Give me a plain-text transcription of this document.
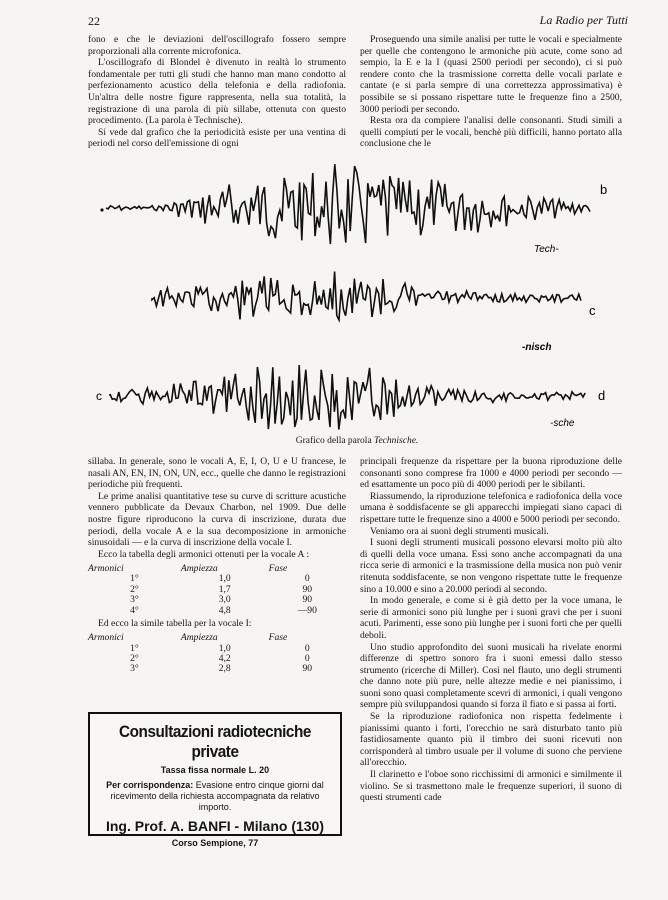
22	La Radio per Tutti

fono e che le deviazioni dell'oscillografo fossero sempre proporzionali alla corrente microfonica.

L'oscillografo di Blondel è divenuto in realtà lo strumento fondamentale per tutti gli studi che hanno man mano condotto al perfezionamento acustico della telefonia e della radiofonia. Un'altra delle nostre figure rappresenta, nella sua totalità, la registrazione di una parola di più sillabe, ottenuta con questo procedimento. (La parola è Technische).

Si vede dal grafico che la periodicità esiste per una ventina di periodi nel corso dell'emissione di ogni

Proseguendo una simile analisi per tutte le vocali e specialmente per quelle che contengono le armoniche più acute, come sono ad sempio, la E e la I (quasi 2500 periodi per secondo), ci si può rendere conto che la trasmissione corretta delle vocali parlate e cantate (e si parla sempre di una correttezza approssimativa) è possibile se si possano rispettare tutte le frequenze fino a 2500, 3000 periodi per secondo.

Resta ora da compiere l'analisi delle consonanti. Studi simili a quelli compiuti per le vocali, benchè più difficili, hanno portato alla conclusione che le

b
Tech-
c
-nisch
c	d
-sche
Grafico della parola Technische.

sillaba. In generale, sono le vocali A, E, I, O, U e U francese, le nasali AN, EN, IN, ON, UN, ecc., quelle che danno le registrazioni periodiche più frequenti.

Le prime analisi quantitative tese su curve di scritture acustiche vennero pubblicate da Devaux Charbon, nel 1909. Due delle nostre figure riproducono la curva di inscrizione, durata due periodi, della vocale A e la sua decomposizione in armoniche sinusoidali — e la curva di inscrizione della vocale I.

Ecco la tabella degli armonici ottenuti per la vocale A :

Armonici	Ampiezza	Fase
1°	1,0	0
2°	1,7	90
3°	3,0	90
4°	4,8	—90

Ed ecco la simile tabella per la vocale I:

Armonici	Ampiezza	Fase
1°	1,0	0
2°	4,2	0
3°	2,8	90
Consultazioni radiotecniche private
Tassa fissa normale L. 20
Per corrispondenza: Evasione entro cinque giorni dal ricevimento della richiesta accompagnata da relativo importo.
Ing. Prof. A. BANFI - Milano (130)
Corso Sempione, 77

principali frequenze da rispettare per la buona riproduzione delle consonanti sono comprese fra 1000 e 4000 periodi per secondo — ed esattamente un poco più di 4000 periodi per le sibilanti.

Riassumendo, la riproduzione telefonica e radiofonica della voce umana è soddisfacente se gli apparecchi impiegati siano capaci di rispettare tutte le frequenze sino a 4000 e 5000 periodi per secondo.

Veniamo ora ai suoni degli strumenti musicali.

I suoni degli strumenti musicali possono elevarsi molto più alto di quelli della voce umana. Essi sono anche accompagnati da una ricca serie di armonici e la trasmissione della musica non può venir ritenuta soddisfacente, se non vengono rispettate tutte le frequenze sino a 10.000 e sino a 20.000 periodi al secondo.

In modo generale, e come si è già detto per la voce umana, le serie di armonici sono più lunghe per i suoni gravi che per i suoni acuti. Parimenti, esse sono più lunghe per i suoni forti che per quelli deboli.

Uno studio approfondito dei suoni musicali ha rivelate enormi differenze di spettro sonoro fra i suoni emessi dallo stesso strumento (ricerche di Miller). Così nel flauto, uno degli strumenti che danno note più pure, nelle altezze medie e nei pianissimo, i suoni sono quasi completamente scevri di armonici, i quali vengono sempre più sviluppandosi quando si forza il fiato e si passa ai forti.

Se la riproduzione radiofonica non rispetta fedelmente i pianissimi quanto i forti, l'orecchio ne sarà disturbato tanto più fastidiosamente quanto più il timbro dei suoni ricevuti non corrisponderà al timbro usuale per il volume di suono che perviene all'orecchio.

Il clarinetto e l'oboe sono ricchissimi di armonici e similmente il violino. Se si trasmettono male le frequenze superiori, il suono di questi strumenti cade
